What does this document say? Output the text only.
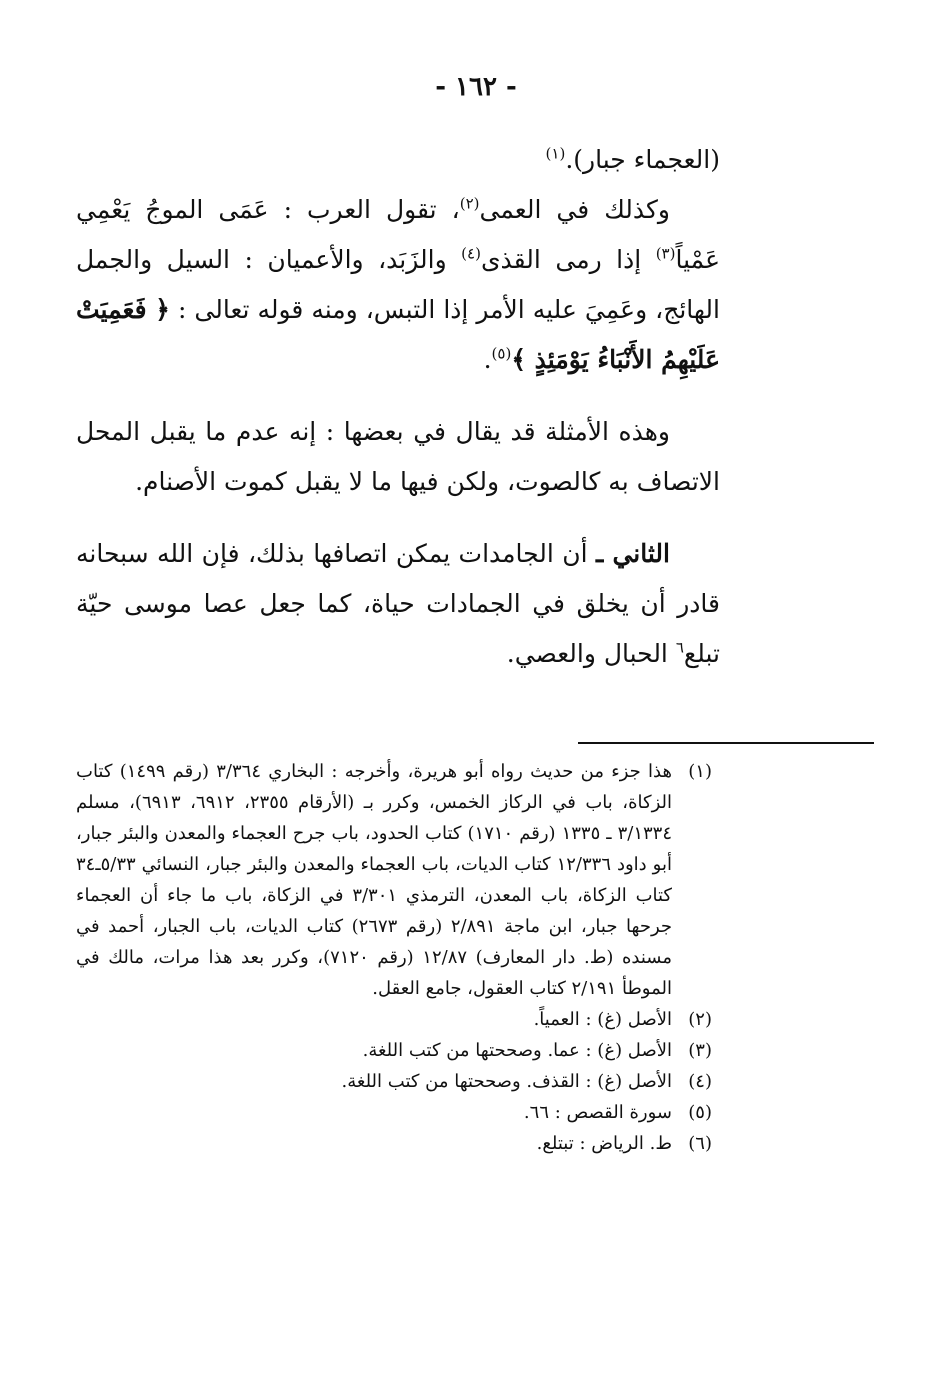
- ١٦٢ -

(العجماء جبار).$^{(١)}$

وكذلك في العمى$^{(٢)}$، تقول العرب : عَمَى الموجُ يَعْمِي عَمْياً$^{(٣)}$ إذا رمى القذى$^{(٤)}$ والزَبَد، والأعميان : السيل والجمل الهائج، وعَمِيَ عليه الأمر إذا التبس، ومنه قوله تعالى : ﴿ فَعَمِيَتْ عَلَيْهِمُ الأَنْبَاءُ يَوْمَئِذٍ ﴾$^{(٥)}$.

وهذه الأمثلة قد يقال في بعضها : إنه عدم ما يقبل المحل الاتصاف به كالصوت، ولكن فيها ما لا يقبل كموت الأصنام.

الثاني ـ أن الجامدات يمكن اتصافها بذلك، فإن الله سبحانه قادر أن يخلق في الجمادات حياة، كما جعل عصا موسى حيّة تبلع$^٦$ الحبال والعصي.

(١)
هذا جزء من حديث رواه أبو هريرة، وأخرجه : البخاري ٣/٣٦٤ (رقم ١٤٩٩) كتاب الزكاة، باب في الركاز الخمس، وكرر بـ (الأرقام ٢٣٥٥، ٦٩١٢، ٦٩١٣)، مسلم ٣/١٣٣٤ ـ ١٣٣٥ (رقم ١٧١٠) كتاب الحدود، باب جرح العجماء والمعدن والبئر جبار، أبو داود ١٢/٣٣٦ كتاب الديات، باب العجماء والمعدن والبئر جبار، النسائي ٥/٣٣ـ٣٤ كتاب الزكاة، باب المعدن، الترمذي ٣/٣٠١ في الزكاة، باب ما جاء أن العجماء جرحها جبار، ابن ماجة ٢/٨٩١ (رقم ٢٦٧٣) كتاب الديات، باب الجبار، أحمد في مسنده (ط. دار المعارف) ١٢/٨٧ (رقم ٧١٢٠)، وكرر بعد هذا مرات، مالك في الموطأ ٢/١٩١ كتاب العقول، جامع العقل.
(٢)
الأصل (غ) : العمياً.
(٣)
الأصل (غ) : عما. وصححتها من كتب اللغة.
(٤)
الأصل (غ) : القذف. وصححتها من كتب اللغة.
(٥)
سورة القصص : ٦٦.
(٦)
ط. الرياض : تبتلع.
